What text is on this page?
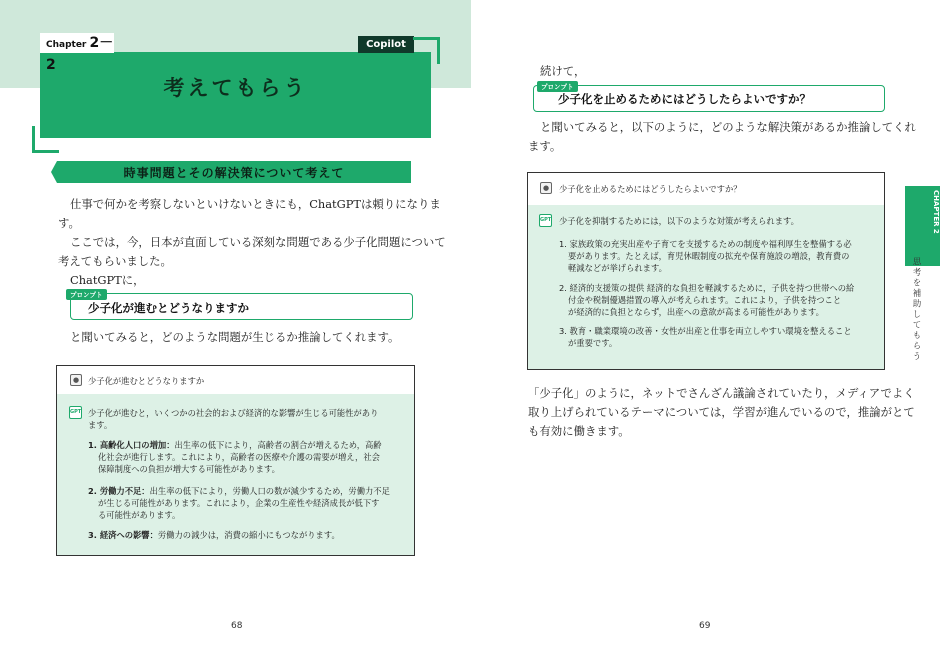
Chapter 2－2
Copilot
考えてもらう
時事問題とその解決策について考えて
仕事で何かを考察しないといけないときにも，ChatGPTは頼りになりま
す。
ここでは，今，日本が直面している深刻な問題である少子化問題について
考えてもらいました。
ChatGPTに，
プロンプト
少子化が進むとどうなりますか
と聞いてみると，どのような問題が生じるか推論してくれます。
●	少子化が進むとどうなりますか
GPT 少子化が進むと，いくつかの社会的および経済的な影響が生じる可能性があり
ます。
1. 高齢化人口の増加：出生率の低下により，高齢者の割合が増えるため，高齢
化社会が進行します。これにより，高齢者の医療や介護の需要が増え，社会
保障制度への負担が増大する可能性があります。
2. 労働力不足：出生率の低下により，労働人口の数が減少するため，労働力不足
が生じる可能性があります。これにより，企業の生産性や経済成長が低下す
る可能性があります。
3. 経済への影響：労働力の減少は，消費の縮小にもつながります。
68
続けて，
プロンプト
少子化を止めるためにはどうしたらよいですか？
と聞いてみると，以下のように，どのような解決策があるか推論してくれ
ます。
●	少子化を止めるためにはどうしたらよいですか？
GPT 少子化を抑制するためには，以下のような対策が考えられます。
1. 家族政策の充実出産や子育てを支援するための制度や福利厚生を整備する必
要があります。たとえば，育児休暇制度の拡充や保育施設の増設，教育費の
軽減などが挙げられます。
2. 経済的支援策の提供 経済的な負担を軽減するために，子供を持つ世帯への給
付金や税制優遇措置の導入が考えられます。これにより，子供を持つこと
が経済的に負担とならず，出産への意欲が高まる可能性があります。
3. 教育・職業環境の改善・女性が出産と仕事を両立しやすい環境を整えること
が重要です。
「少子化」のように，ネットでさんざん議論されていたり，メディアでよく
取り上げられているテーマについては，学習が進んでいるので，推論がとて
も有効に働きます。
CHAPTER 2
思考を補助してもらう
69
